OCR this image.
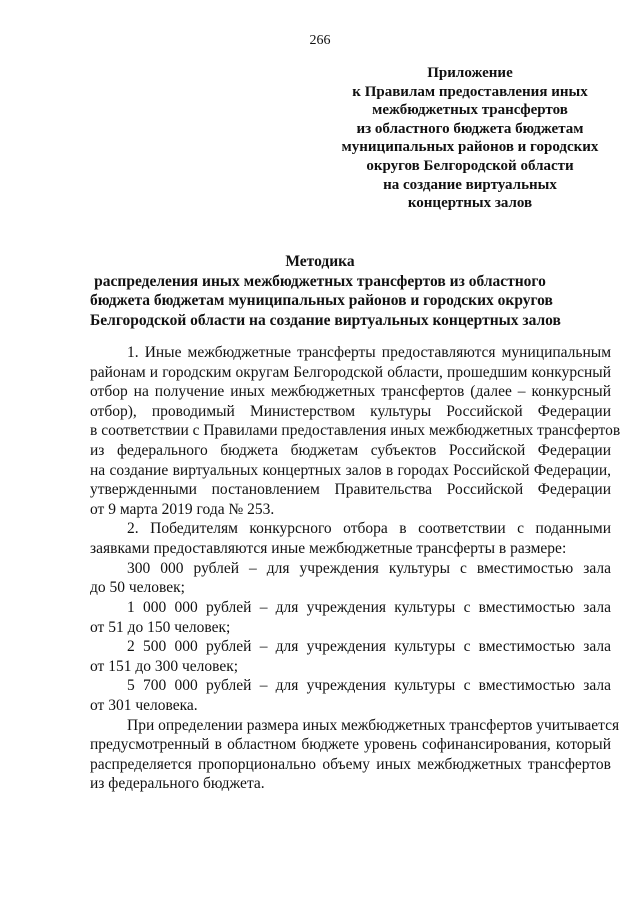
266
Приложение
к Правилам предоставления иных
межбюджетных трансфертов
из областного бюджета бюджетам
муниципальных районов и городских
округов Белгородской области
на создание виртуальных
концертных залов
Методика
распределения иных межбюджетных трансфертов из областного
бюджета бюджетам муниципальных районов и городских округов
Белгородской области на создание виртуальных концертных залов
1. Иные межбюджетные трансферты предоставляются муниципальным
районам и городским округам Белгородской области, прошедшим конкурсный
отбор на получение иных межбюджетных трансфертов (далее – конкурсный
отбор), проводимый Министерством культуры Российской Федерации
в соответствии с Правилами предоставления иных межбюджетных трансфертов
из федерального бюджета бюджетам субъектов Российской Федерации
на создание виртуальных концертных залов в городах Российской Федерации,
утвержденными постановлением Правительства Российской Федерации
от 9 марта 2019 года № 253.
2. Победителям конкурсного отбора в соответствии с поданными
заявками предоставляются иные межбюджетные трансферты в размере:
300 000 рублей – для учреждения культуры с вместимостью зала
до 50 человек;
1 000 000 рублей – для учреждения культуры с вместимостью зала
от 51 до 150 человек;
2 500 000 рублей – для учреждения культуры с вместимостью зала
от 151 до 300 человек;
5 700 000 рублей – для учреждения культуры с вместимостью зала
от 301 человека.
При определении размера иных межбюджетных трансфертов учитывается
предусмотренный в областном бюджете уровень софинансирования, который
распределяется пропорционально объему иных межбюджетных трансфертов
из федерального бюджета.
